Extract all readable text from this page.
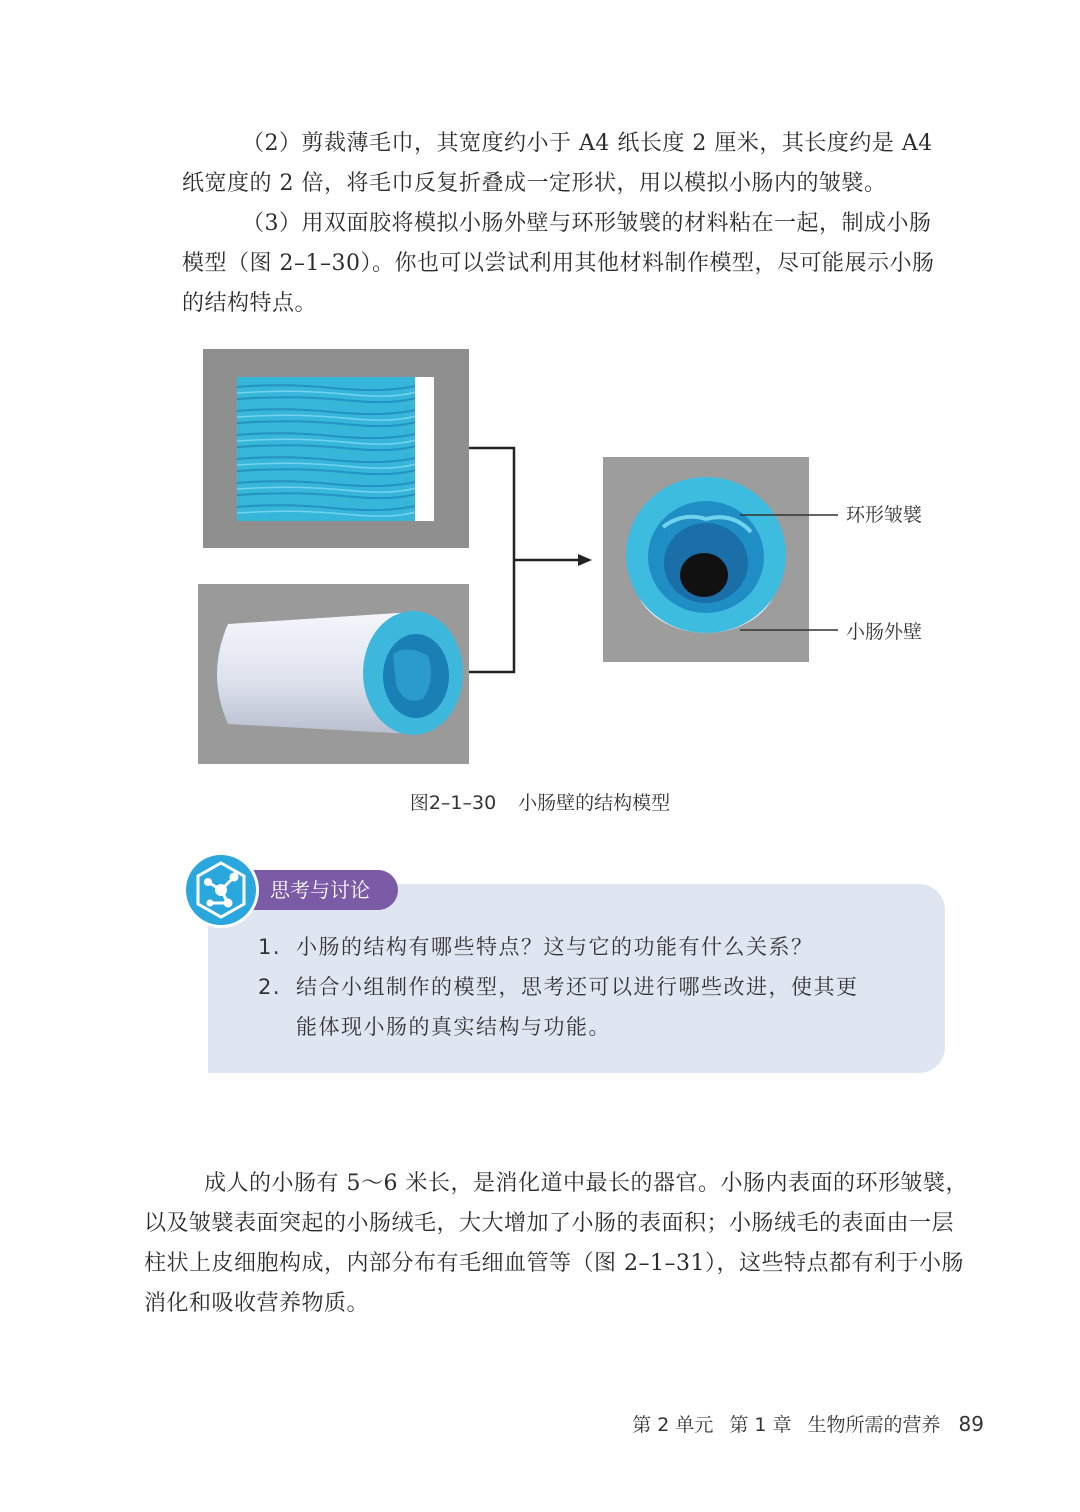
（2）剪裁薄毛巾，其宽度约小于 A4 纸长度 2 厘米，其长度约是 A4 纸宽度的 2 倍，将毛巾反复折叠成一定形状，用以模拟小肠内的皱襞。
（3）用双面胶将模拟小肠外壁与环形皱襞的材料粘在一起，制成小肠模型（图 2–1–30）。你也可以尝试利用其他材料制作模型，尽可能展示小肠的结构特点。
环形皱襞
小肠外壁
图2–1–30 小肠壁的结构模型
思考与讨论
1. 小肠的结构有哪些特点？这与它的功能有什么关系？
2. 结合小组制作的模型，思考还可以进行哪些改进，使其更
能体现小肠的真实结构与功能。
成人的小肠有 5～6 米长，是消化道中最长的器官。小肠内表面的环形皱襞，以及皱襞表面突起的小肠绒毛，大大增加了小肠的表面积；小肠绒毛的表面由一层柱状上皮细胞构成，内部分布有毛细血管等（图 2–1–31），这些特点都有利于小肠消化和吸收营养物质。
第 2 单元 第 1 章 生物所需的营养 89
